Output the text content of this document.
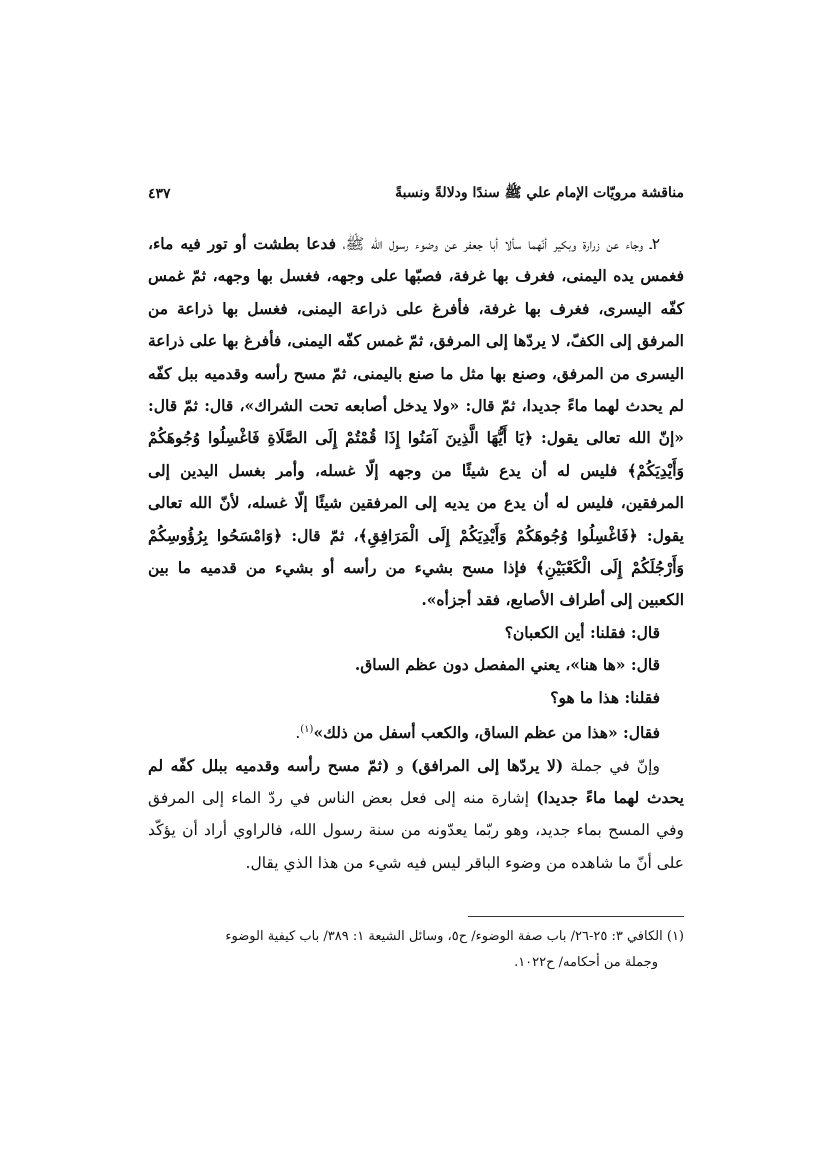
مناقشة مرويّات الإمام علي ﷺ سندًا ودلالةً ونسبةً
٤٣٧

٢ـ وجاء عن زرارة وبكير أنّهما سألا أبا جعفر عن وضوء رسول الله ﷺ، فدعا بطشت أو تور فيه ماء، فغمس يده اليمنى، فغرف بها غرفة، فصبّها على وجهه، فغسل بها وجهه، ثمّ غمس كفّه اليسرى، فغرف بها غرفة، فأفرغ على ذراعة اليمنى، فغسل بها ذراعة من المرفق إلى الكفّ، لا يردّها إلى المرفق، ثمّ غمس كفّه اليمنى، فأفرغ بها على ذراعة اليسرى من المرفق، وصنع بها مثل ما صنع باليمنى، ثمّ مسح رأسه وقدميه ببل كفّه لم يحدث لهما ماءً جديدا، ثمّ قال: «ولا يدخل أصابعه تحت الشراك»، قال: ثمّ قال: «إنّ الله تعالى يقول: ﴿يَا أَيُّهَا الَّذِينَ آمَنُوا إِذَا قُمْتُمْ إِلَى الصَّلَاةِ فَاغْسِلُوا وُجُوهَكُمْ وَأَيْدِيَكُمْ﴾ فليس له أن يدع شيئًا من وجهه إلّا غسله، وأمر بغسل اليدين إلى المرفقين، فليس له أن يدع من يديه إلى المرفقين شيئًا إلّا غسله، لأنّ الله تعالى يقول: ﴿فَاغْسِلُوا وُجُوهَكُمْ وَأَيْدِيَكُمْ إِلَى الْمَرَافِقِ﴾، ثمّ قال: ﴿وَامْسَحُوا بِرُؤُوسِكُمْ وَأَرْجُلَكُمْ إِلَى الْكَعْبَيْنِ﴾ فإذا مسح بشيء من رأسه أو بشيء من قدميه ما بين الكعبين إلى أطراف الأصابع، فقد أجزأه».

قال: فقلنا: أين الكعبان؟

قال: «ها هنا»، يعني المفصل دون عظم الساق.

فقلنا: هذا ما هو؟

فقال: «هذا من عظم الساق، والكعب أسفل من ذلك»$^{(١)}$.

وإنّ في جملة (لا يردّها إلى المرافق) و (ثمّ مسح رأسه وقدميه ببلل كفّه لم يحدث لهما ماءً جديدا) إشارة منه إلى فعل بعض الناس في ردّ الماء إلى المرفق وفي المسح بماء جديد، وهو ربّما يعدّونه من سنة رسول الله، فالراوي أراد أن يؤكّد على أنّ ما شاهده من وضوء الباقر ليس فيه شيء من هذا الذي يقال.

(١) الكافي ٣: ٢٥-٢٦/ باب صفة الوضوء/ ح٥، وسائل الشيعة ١: ٣٨٩/ باب كيفية الوضوء

وجملة من أحكامه/ ح١٠٢٢.
